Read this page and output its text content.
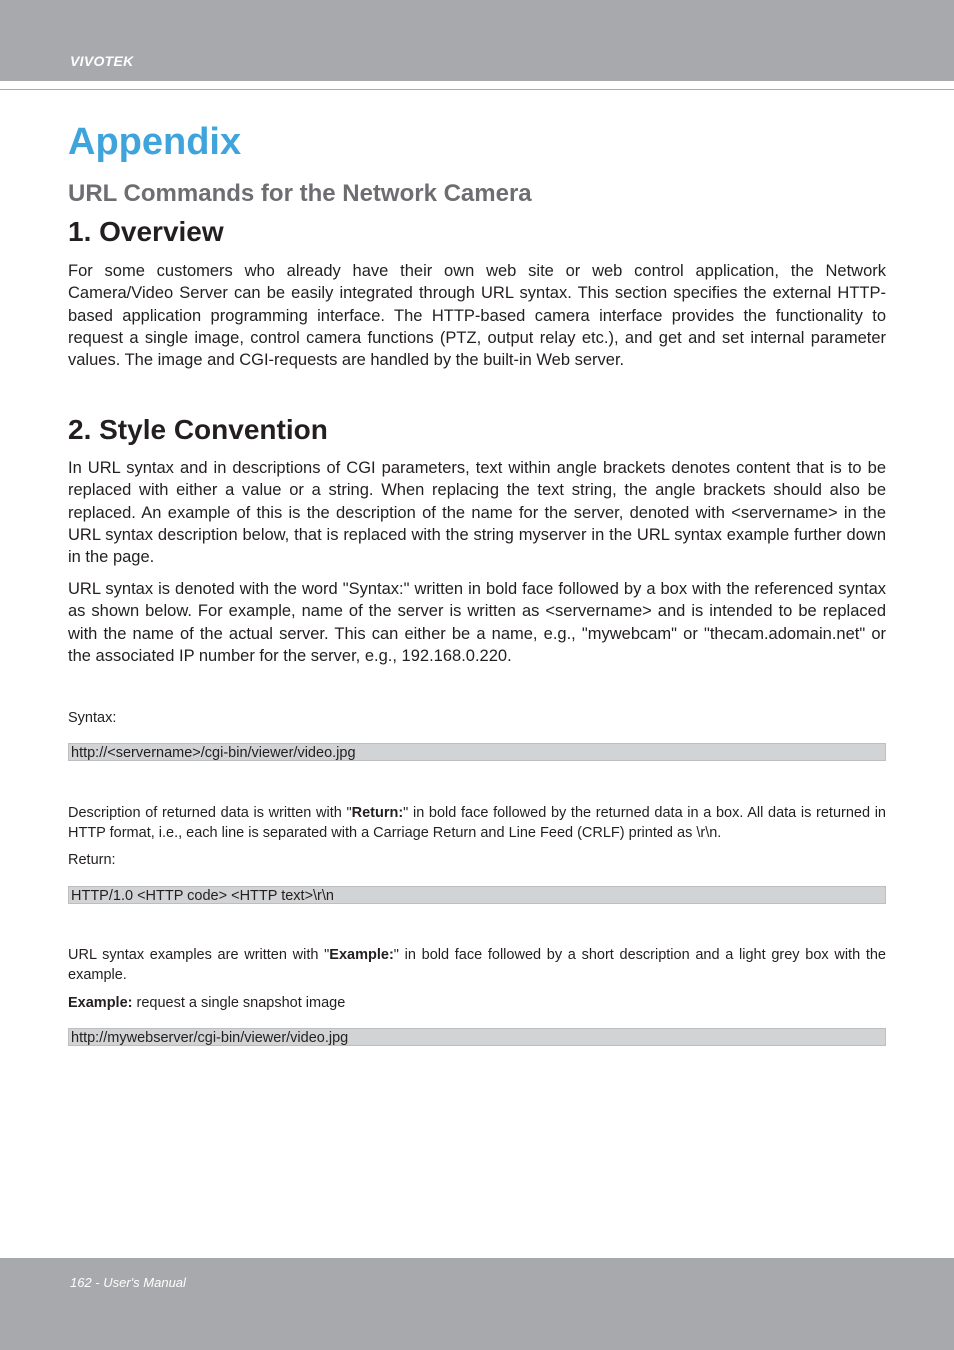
VIVOTEK
Appendix
URL Commands for the Network Camera
1. Overview

For some customers who already have their own web site or web control application, the Network Camera/Video Server can be easily integrated through URL syntax. This section specifies the external HTTP-based application programming interface. The HTTP-based camera interface provides the functionality to request a single image, control camera functions (PTZ, output relay etc.), and get and set internal parameter values. The image and CGI-requests are handled by the built-in Web server.

2. Style Convention

In URL syntax and in descriptions of CGI parameters, text within angle brackets denotes content that is to be replaced with either a value or a string. When replacing the text string, the angle brackets should also be replaced. An example of this is the description of the name for the server, denoted with <servername> in the URL syntax description below, that is replaced with the string myserver in the URL syntax example further down in the page.

URL syntax is denoted with the word "Syntax:" written in bold face followed by a box with the referenced syntax as shown below. For example, name of the server is written as <servername> and is intended to be replaced with the name of the actual server. This can either be a name, e.g., "mywebcam" or "thecam.adomain.net" or the associated IP number for the server, e.g., 192.168.0.220.

Syntax:

http://<servername>/cgi-bin/viewer/video.jpg

Description of returned data is written with "Return:" in bold face followed by the returned data in a box. All data is returned in HTTP format, i.e., each line is separated with a Carriage Return and Line Feed (CRLF) printed as \r\n.

Return:

HTTP/1.0 <HTTP code> <HTTP text>\r\n

URL syntax examples are written with "Example:" in bold face followed by a short description and a light grey box with the example.

Example: request a single snapshot image

http://mywebserver/cgi-bin/viewer/video.jpg
162 - User's Manual
